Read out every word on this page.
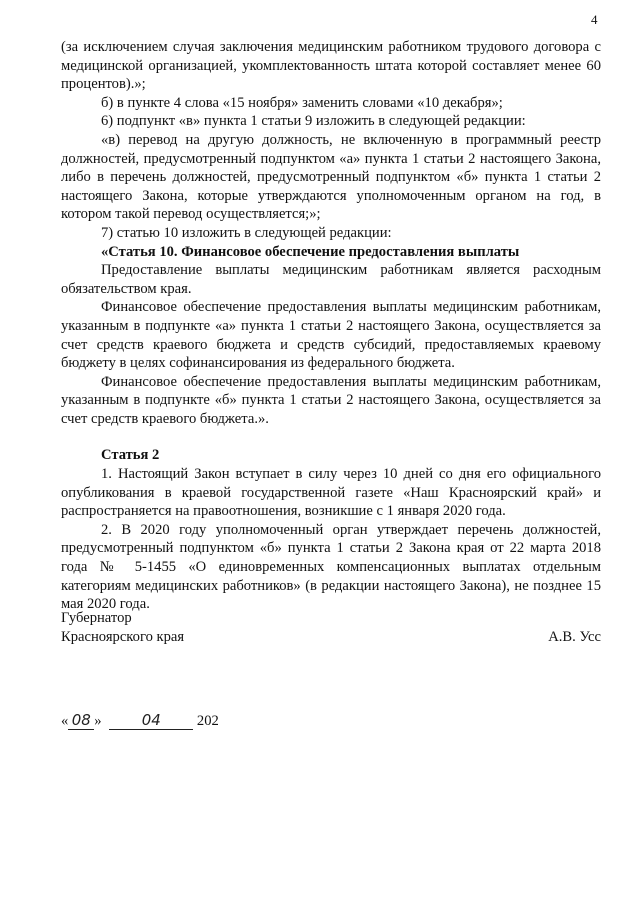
4

(за исключением случая заключения медицинским работником трудового договора с медицинской организацией, укомплектованность штата которой составляет менее 60 процентов).»;

б) в пункте 4 слова «15 ноября» заменить словами «10 декабря»;

6) подпункт «в» пункта 1 статьи 9 изложить в следующей редакции:

«в) перевод на другую должность, не включенную в программный реестр должностей, предусмотренный подпунктом «а» пункта 1 статьи 2 настоящего Закона, либо в перечень должностей, предусмотренный подпунктом «б» пункта 1 статьи 2 настоящего Закона, которые утверждаются уполномоченным органом на год, в котором такой перевод осуществляется;»;

7) статью 10 изложить в следующей редакции:

«Статья 10. Финансовое обеспечение предоставления выплаты

Предоставление выплаты медицинским работникам является расходным обязательством края.

Финансовое обеспечение предоставления выплаты медицинским работникам, указанным в подпункте «а» пункта 1 статьи 2 настоящего Закона, осуществляется за счет средств краевого бюджета и средств субсидий, предоставляемых краевому бюджету в целях софинансирования из федерального бюджета.

Финансовое обеспечение предоставления выплаты медицинским работникам, указанным в подпункте «б» пункта 1 статьи 2 настоящего Закона, осуществляется за счет средств краевого бюджета.».

Статья 2

1. Настоящий Закон вступает в силу через 10 дней со дня его официального опубликования в краевой государственной газете «Наш Красноярский край» и распространяется на правоотношения, возникшие с 1 января 2020 года.

2. В 2020 году уполномоченный орган утверждает перечень должностей, предусмотренный подпунктом «б» пункта 1 статьи 2 Закона края от 22 марта 2018 года № 5-1455 «О единовременных компенсационных выплатах отдельным категориям медицинских работников» (в редакции настоящего Закона), не позднее 15 мая 2020 года.

Губернатор
Красноярского края	А.В. Усс
« 08 »	04 202
